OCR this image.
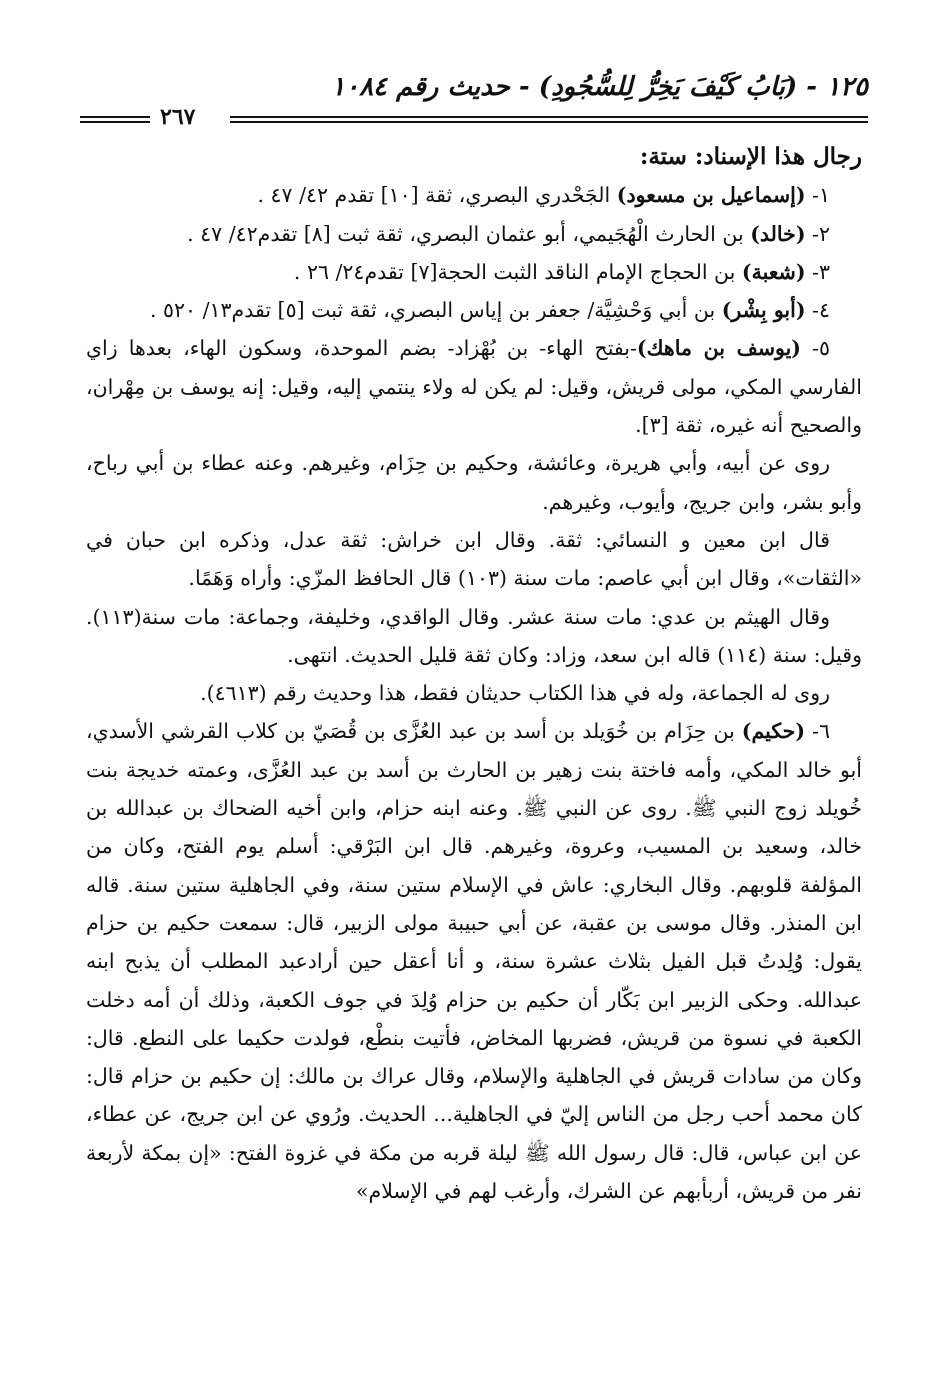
١٢٥ - (بَابُ كَيْفَ يَخِرُّ لِلسُّجُودِ) - حديث رقم ١٠٨٤
٢٦٧

رجال هذا الإسناد: ستة:

١- (إسماعيل بن مسعود) الجَحْدري البصري، ثقة [١٠] تقدم ٤٢/ ٤٧ .

٢- (خالد) بن الحارث الْهُجَيمي، أبو عثمان البصري، ثقة ثبت [٨] تقدم٤٢/ ٤٧ .

٣- (شعبة) بن الحجاج الإمام الناقد الثبت الحجة[٧] تقدم٢٤/ ٢٦ .

٤- (أبو بِشْر) بن أبي وَحْشِيَّة/ جعفر بن إياس البصري، ثقة ثبت [٥] تقدم١٣/ ٥٢٠ .

٥- (يوسف بن ماهك)-بفتح الهاء- بن بُهْزاد- بضم الموحدة، وسكون الهاء، بعدها زاي الفارسي المكي، مولى قريش، وقيل: لم يكن له ولاء ينتمي إليه، وقيل: إنه يوسف بن مِهْران، والصحيح أنه غيره، ثقة [٣].

روى عن أبيه، وأبي هريرة، وعائشة، وحكيم بن حِزَام، وغيرهم. وعنه عطاء بن أبي رباح، وأبو بشر، وابن جريج، وأيوب، وغيرهم.

قال ابن معين و النسائي: ثقة. وقال ابن خراش: ثقة عدل، وذكره ابن حبان في «الثقات»، وقال ابن أبي عاصم: مات سنة (١٠٣) قال الحافظ المزّي: وأراه وَهَمًا.

وقال الهيثم بن عدي: مات سنة عشر. وقال الواقدي، وخليفة، وجماعة: مات سنة(١١٣). وقيل: سنة (١١٤) قاله ابن سعد، وزاد: وكان ثقة قليل الحديث. انتهى.

روى له الجماعة، وله في هذا الكتاب حديثان فقط، هذا وحديث رقم (٤٦١٣).

٦- (حكيم) بن حِزَام بن خُوَيلد بن أسد بن عبد العُزَّى بن قُصَيّ بن كلاب القرشي الأسدي، أبو خالد المكي، وأمه فاختة بنت زهير بن الحارث بن أسد بن عبد العُزَّى، وعمته خديجة بنت خُويلد زوج النبي ﷺ. روى عن النبي ﷺ. وعنه ابنه حزام، وابن أخيه الضحاك بن عبدالله بن خالد، وسعيد بن المسيب، وعروة، وغيرهم. قال ابن البَرْقي: أسلم يوم الفتح، وكان من المؤلفة قلوبهم. وقال البخاري: عاش في الإسلام ستين سنة، وفي الجاهلية ستين سنة. قاله ابن المنذر. وقال موسى بن عقبة، عن أبي حبيبة مولى الزبير، قال: سمعت حكيم بن حزام يقول: وُلِدتُ قبل الفيل بثلاث عشرة سنة، و أنا أعقل حين أرادعبد المطلب أن يذبح ابنه عبدالله. وحكى الزبير ابن بَكّار أن حكيم بن حزام وُلِدَ في جوف الكعبة، وذلك أن أمه دخلت الكعبة في نسوة من قريش، فضربها المخاض، فأتيت بنطْع، فولدت حكيما على النطع. قال: وكان من سادات قريش في الجاهلية والإسلام، وقال عراك بن مالك: إن حكيم بن حزام قال: كان محمد أحب رجل من الناس إليّ في الجاهلية... الحديث. ورُوي عن ابن جريج، عن عطاء، عن ابن عباس، قال: قال رسول الله ﷺ ليلة قربه من مكة في غزوة الفتح: «إن بمكة لأربعة نفر من قريش، أربأبهم عن الشرك، وأرغب لهم في الإسلام»
